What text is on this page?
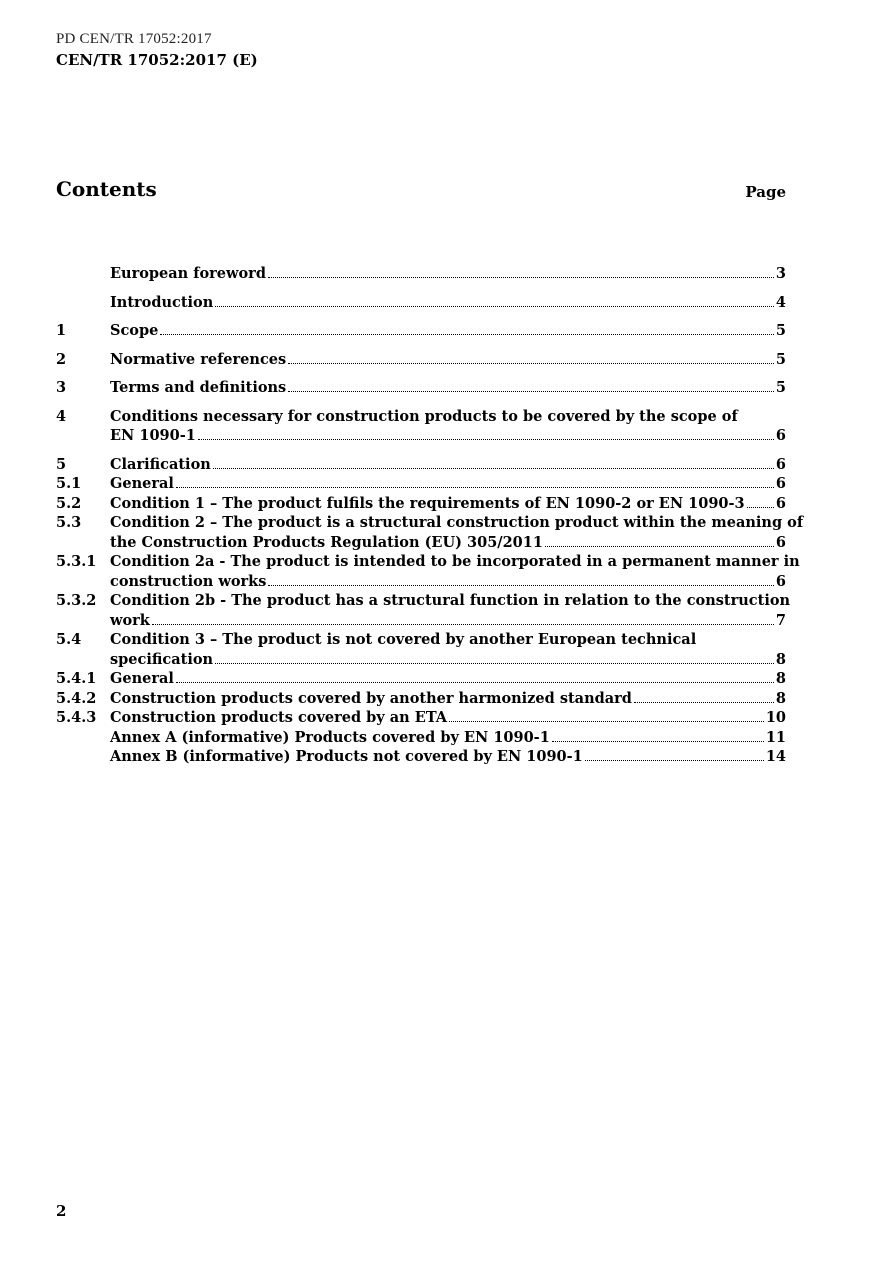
PD CEN/TR 17052:2017
CEN/TR 17052:2017 (E)
Contents	Page
European foreword	3
Introduction	4
1	Scope	5
2	Normative references	5
3	Terms and definitions	5
4	Conditions necessary for construction products to be covered by the scope of
EN 1090-1	6
5	Clarification	6
5.1	General	6
5.2	Condition 1 – The product fulfils the requirements of EN 1090-2 or EN 1090-3 6
5.3	Condition 2 – The product is a structural construction product within the meaning of
the Construction Products Regulation (EU) 305/2011	6
5.3.1 Condition 2a - The product is intended to be incorporated in a permanent manner in
construction works	6
5.3.2 Condition 2b - The product has a structural function in relation to the construction
work	7
5.4	Condition 3 – The product is not covered by another European technical
specification	8
5.4.1 General	8
5.4.2 Construction products covered by another harmonized standard	8
5.4.3 Construction products covered by an ETA	10
Annex A (informative) Products covered by EN 1090-1	11
Annex B (informative) Products not covered by EN 1090-1	14
2
